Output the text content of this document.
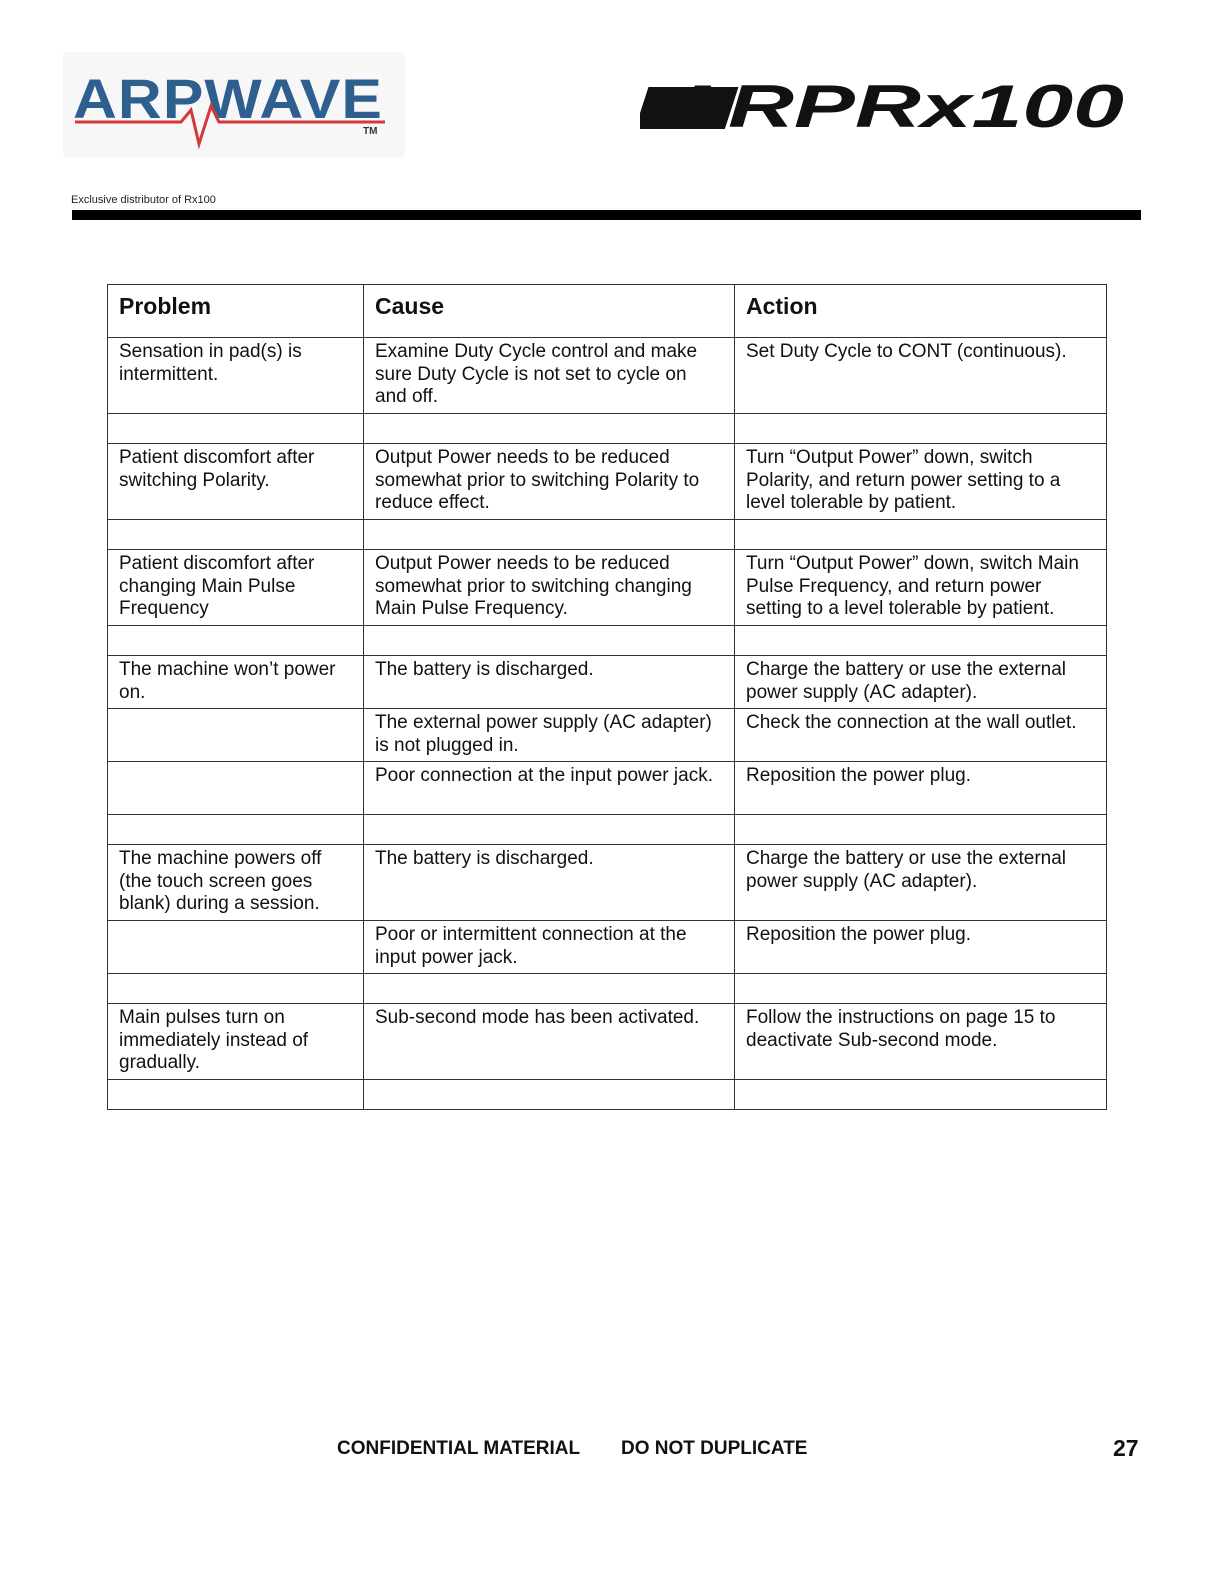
ARPWAVE
TM	ARPRx100
Exclusive distributor of Rx100
Problem	Cause	Action
Sensation in pad(s) is intermittent.	Examine Duty Cycle control and make sure Duty Cycle is not set to cycle on and off.	Set Duty Cycle to CONT (continuous).

Patient discomfort after switching Polarity.	Output Power needs to be reduced somewhat prior to switching Polarity to reduce effect.	Turn “Output Power” down, switch Polarity, and return power setting to a level tolerable by patient.

Patient discomfort after changing Main Pulse Frequency	Output Power needs to be reduced somewhat prior to switching changing Main Pulse Frequency.	Turn “Output Power” down, switch Main Pulse Frequency, and return power setting to a level tolerable by patient.

The machine won’t power on.	The battery is discharged.	Charge the battery or use the external power supply (AC adapter).
	The external power supply (AC adapter) is not plugged in.	Check the connection at the wall outlet.
	Poor connection at the input power jack.	Reposition the power plug.

The machine powers off (the touch screen goes blank) during a session.	The battery is discharged.	Charge the battery or use the external power supply (AC adapter).
	Poor or intermittent connection at the input power jack.	Reposition the power plug.

Main pulses turn on immediately instead of gradually.	Sub-second mode has been activated.	Follow the instructions on page 15 to deactivate Sub-second mode.

CONFIDENTIAL MATERIAL DO NOT DUPLICATE	27
